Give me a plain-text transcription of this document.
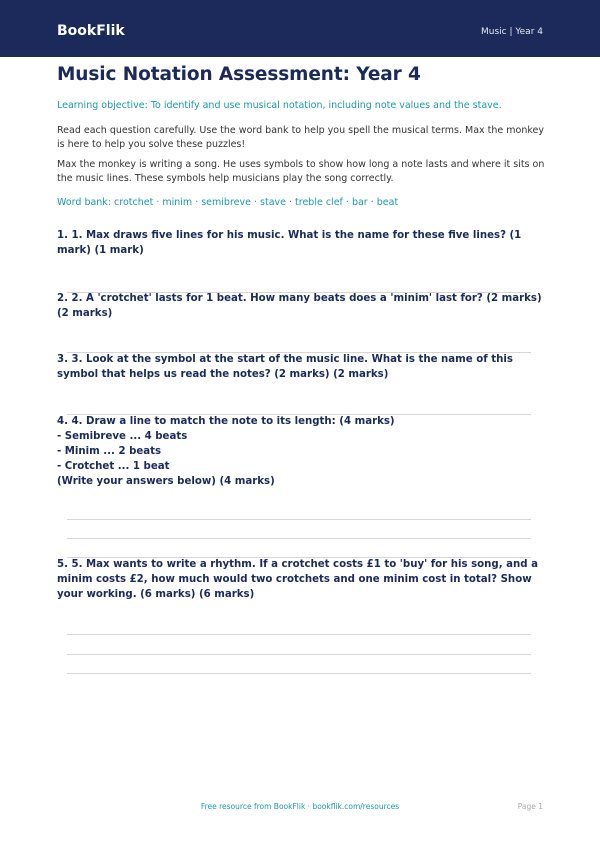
BookFlik	Music | Year 4
Music Notation Assessment: Year 4
Learning objective: To identify and use musical notation, including note values and the stave.
Read each question carefully. Use the word bank to help you spell the musical terms. Max the monkey is here to help you solve these puzzles!
Max the monkey is writing a song. He uses symbols to show how long a note lasts and where it sits on the music lines. These symbols help musicians play the song correctly.
Word bank: crotchet · minim · semibreve · stave · treble clef · bar · beat
1. 1. Max draws five lines for his music. What is the name for these five lines? (1 mark) (1 mark)
2. 2. A 'crotchet' lasts for 1 beat. How many beats does a 'minim' last for? (2 marks) (2 marks)
3. 3. Look at the symbol at the start of the music line. What is the name of this symbol that helps us read the notes? (2 marks) (2 marks)
4. 4. Draw a line to match the note to its length: (4 marks)
- Semibreve ... 4 beats
- Minim ... 2 beats
- Crotchet ... 1 beat
(Write your answers below) (4 marks)
5. 5. Max wants to write a rhythm. If a crotchet costs £1 to 'buy' for his song, and a minim costs £2, how much would two crotchets and one minim cost in total? Show your working. (6 marks) (6 marks)
Free resource from BookFlik · bookflik.com/resources	Page 1
